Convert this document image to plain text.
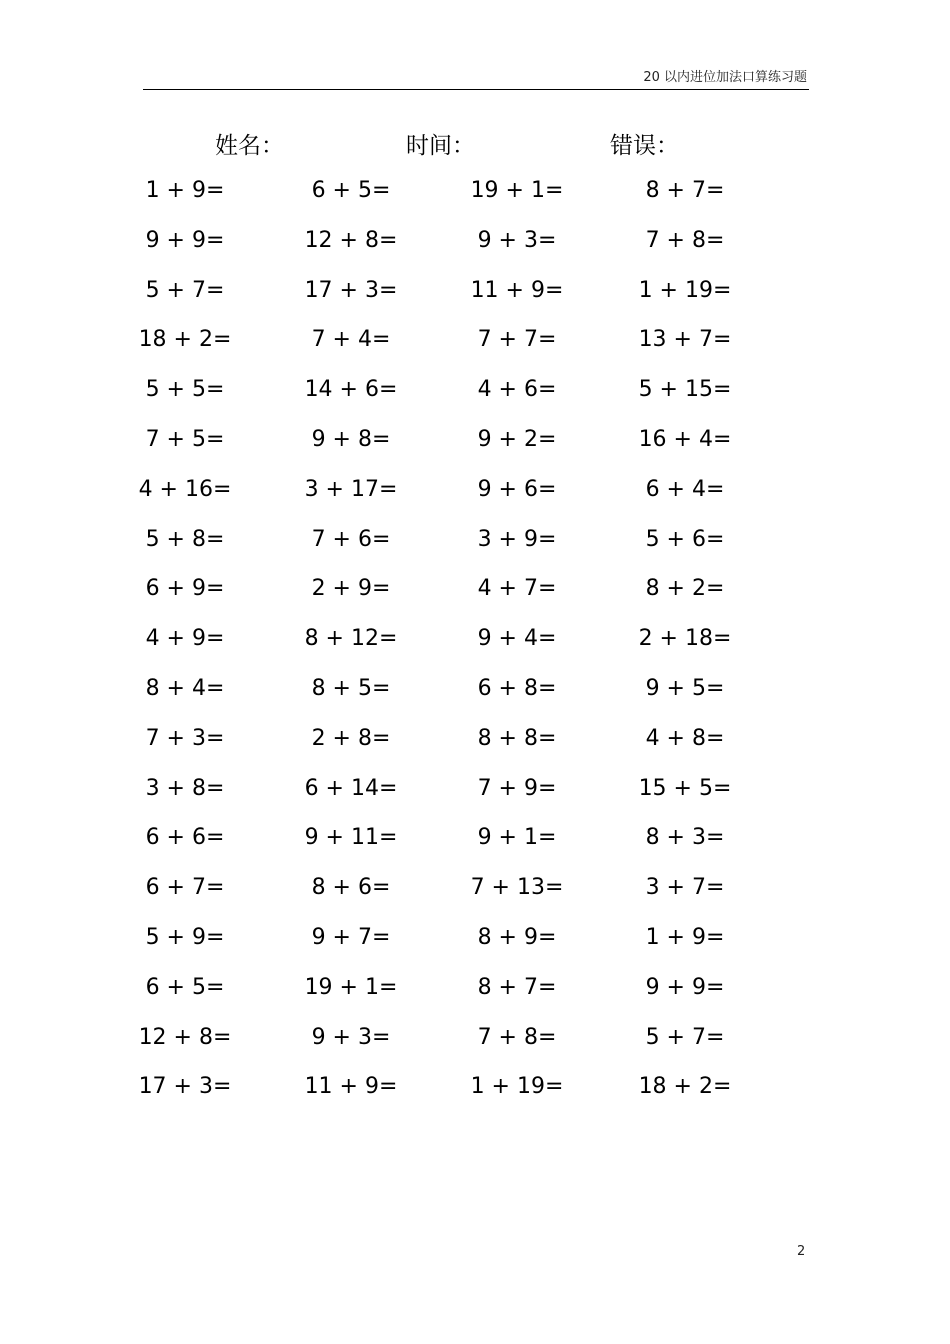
20 以内进位加法口算练习题
姓名：	时间：	错误：
1 + 9=	6 + 5=	19 + 1=	8 + 7=
9 + 9=	12 + 8=	9 + 3=	7 + 8=
5 + 7=	17 + 3=	11 + 9=	1 + 19=
18 + 2=	7 + 4=	7 + 7=	13 + 7=
5 + 5=	14 + 6=	4 + 6=	5 + 15=
7 + 5=	9 + 8=	9 + 2=	16 + 4=
4 + 16=	3 + 17=	9 + 6=	6 + 4=
5 + 8=	7 + 6=	3 + 9=	5 + 6=
6 + 9=	2 + 9=	4 + 7=	8 + 2=
4 + 9=	8 + 12=	9 + 4=	2 + 18=
8 + 4=	8 + 5=	6 + 8=	9 + 5=
7 + 3=	2 + 8=	8 + 8=	4 + 8=
3 + 8=	6 + 14=	7 + 9=	15 + 5=
6 + 6=	9 + 11=	9 + 1=	8 + 3=
6 + 7=	8 + 6=	7 + 13=	3 + 7=
5 + 9=	9 + 7=	8 + 9=	1 + 9=
6 + 5=	19 + 1=	8 + 7=	9 + 9=
12 + 8=	9 + 3=	7 + 8=	5 + 7=
17 + 3=	11 + 9=	1 + 19=	18 + 2=
2
